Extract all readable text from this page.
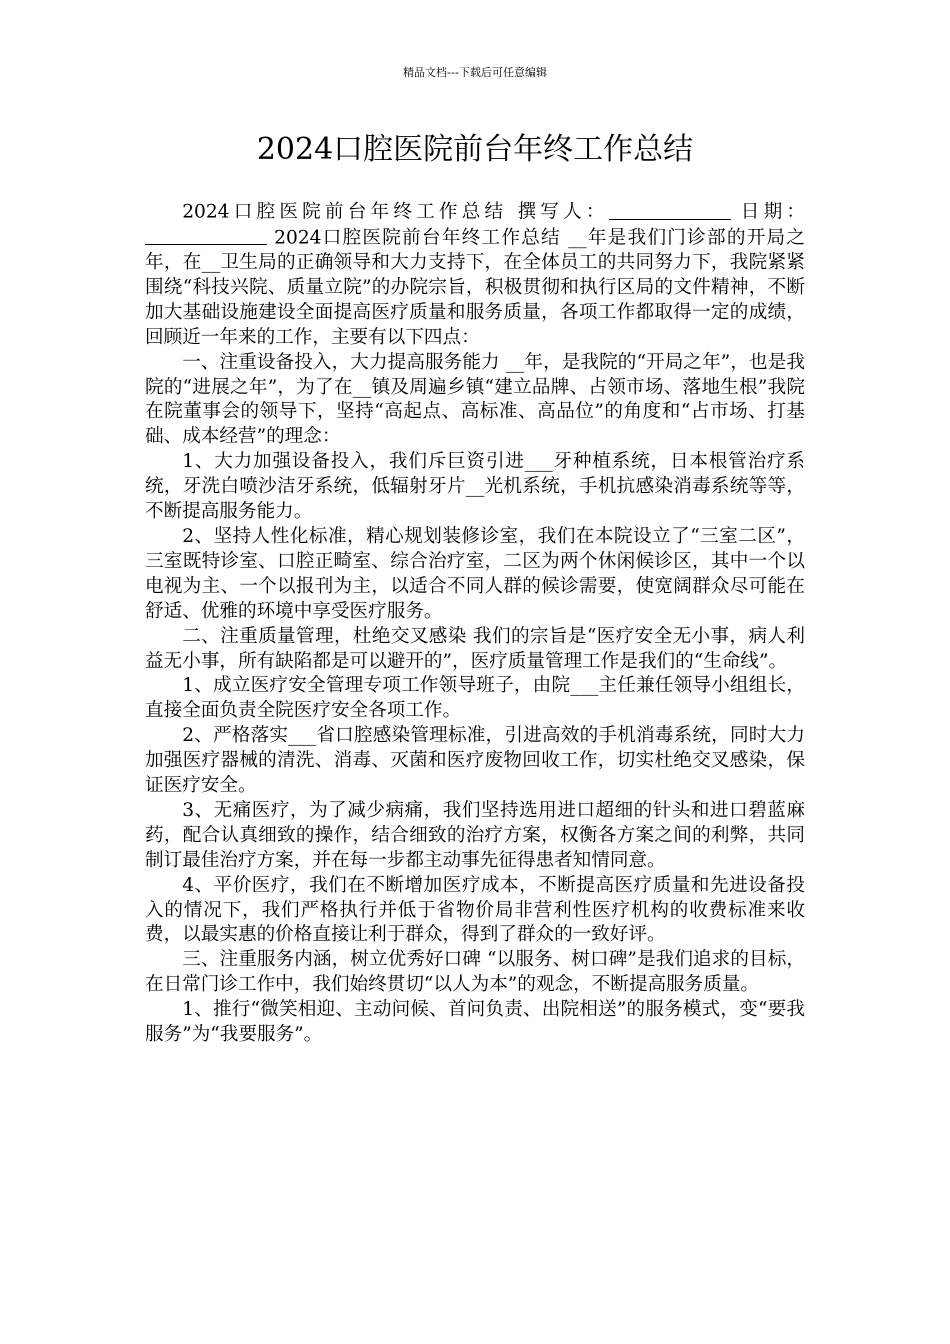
精品文档---下载后可任意编辑
2024口腔医院前台年终工作总结

2024口腔医院前台年终工作总结 撰写人：	日期： 2024口腔医院前台年终工作总结 __年是我们门诊部的开局之年，在__卫生局的正确领导和大力支持下，在全体员工的共同努力下，我院紧紧围绕“科技兴院、质量立院”的办院宗旨，积极贯彻和执行区局的文件精神，不断加大基础设施建设全面提高医疗质量和服务质量，各项工作都取得一定的成绩，回顾近一年来的工作，主要有以下四点：

一、注重设备投入，大力提高服务能力 __年，是我院的“开局之年”，也是我院的“进展之年”，为了在__镇及周遍乡镇“建立品牌、占领市场、落地生根”我院在院董事会的领导下，坚持“高起点、高标准、高品位”的角度和“占市场、打基础、成本经营”的理念：

1、大力加强设备投入，我们斥巨资引进___牙种植系统，日本根管治疗系统，牙洗白喷沙洁牙系统，低辐射牙片__光机系统，手机抗感染消毒系统等等，不断提高服务能力。

2、坚持人性化标准，精心规划装修诊室，我们在本院设立了“三室二区”，三室既特诊室、口腔正畸室、综合治疗室，二区为两个休闲候诊区，其中一个以电视为主、一个以报刊为主，以适合不同人群的候诊需要，使宽阔群众尽可能在舒适、优雅的环境中享受医疗服务。

二、注重质量管理，杜绝交叉感染 我们的宗旨是“医疗安全无小事，病人利益无小事，所有缺陷都是可以避开的”，医疗质量管理工作是我们的“生命线”。

1、成立医疗安全管理专项工作领导班子，由院___主任兼任领导小组组长，直接全面负责全院医疗安全各项工作。

2、严格落实___省口腔感染管理标准，引进高效的手机消毒系统，同时大力加强医疗器械的清洗、消毒、灭菌和医疗废物回收工作，切实杜绝交叉感染，保证医疗安全。

3、无痛医疗，为了减少病痛，我们坚持选用进口超细的针头和进口碧蓝麻药，配合认真细致的操作，结合细致的治疗方案，权衡各方案之间的利弊，共同制订最佳治疗方案，并在每一步都主动事先征得患者知情同意。

4、平价医疗，我们在不断增加医疗成本，不断提高医疗质量和先进设备投入的情况下，我们严格执行并低于省物价局非营利性医疗机构的收费标准来收费，以最实惠的价格直接让利于群众，得到了群众的一致好评。

三、注重服务内涵，树立优秀好口碑 “以服务、树口碑”是我们追求的目标，在日常门诊工作中，我们始终贯切“以人为本”的观念，不断提高服务质量。

1、推行“微笑相迎、主动问候、首问负责、出院相送”的服务模式，变“要我服务”为“我要服务”。
